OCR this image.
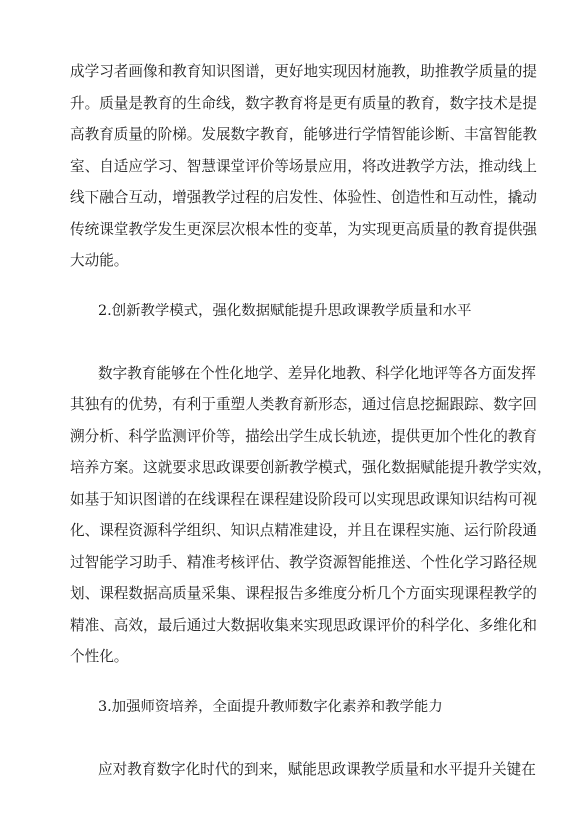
成学习者画像和教育知识图谱，更好地实现因材施教，助推教学质量的提
升。质量是教育的生命线，数字教育将是更有质量的教育，数字技术是提
高教育质量的阶梯。发展数字教育，能够进行学情智能诊断、丰富智能教
室、自适应学习、智慧课堂评价等场景应用，将改进教学方法，推动线上
线下融合互动，增强教学过程的启发性、体验性、创造性和互动性，撬动
传统课堂教学发生更深层次根本性的变革，为实现更高质量的教育提供强
大动能。
2.创新教学模式，强化数据赋能提升思政课教学质量和水平
数字教育能够在个性化地学、差异化地教、科学化地评等各方面发挥
其独有的优势，有利于重塑人类教育新形态，通过信息挖掘跟踪、数字回
溯分析、科学监测评价等，描绘出学生成长轨迹，提供更加个性化的教育
培养方案。这就要求思政课要创新教学模式，强化数据赋能提升教学实效，
如基于知识图谱的在线课程在课程建设阶段可以实现思政课知识结构可视
化、课程资源科学组织、知识点精准建设，并且在课程实施、运行阶段通
过智能学习助手、精准考核评估、教学资源智能推送、个性化学习路径规
划、课程数据高质量采集、课程报告多维度分析几个方面实现课程教学的
精准、高效，最后通过大数据收集来实现思政课评价的科学化、多维化和
个性化。
3.加强师资培养，全面提升教师数字化素养和教学能力
应对教育数字化时代的到来，赋能思政课教学质量和水平提升关键在
